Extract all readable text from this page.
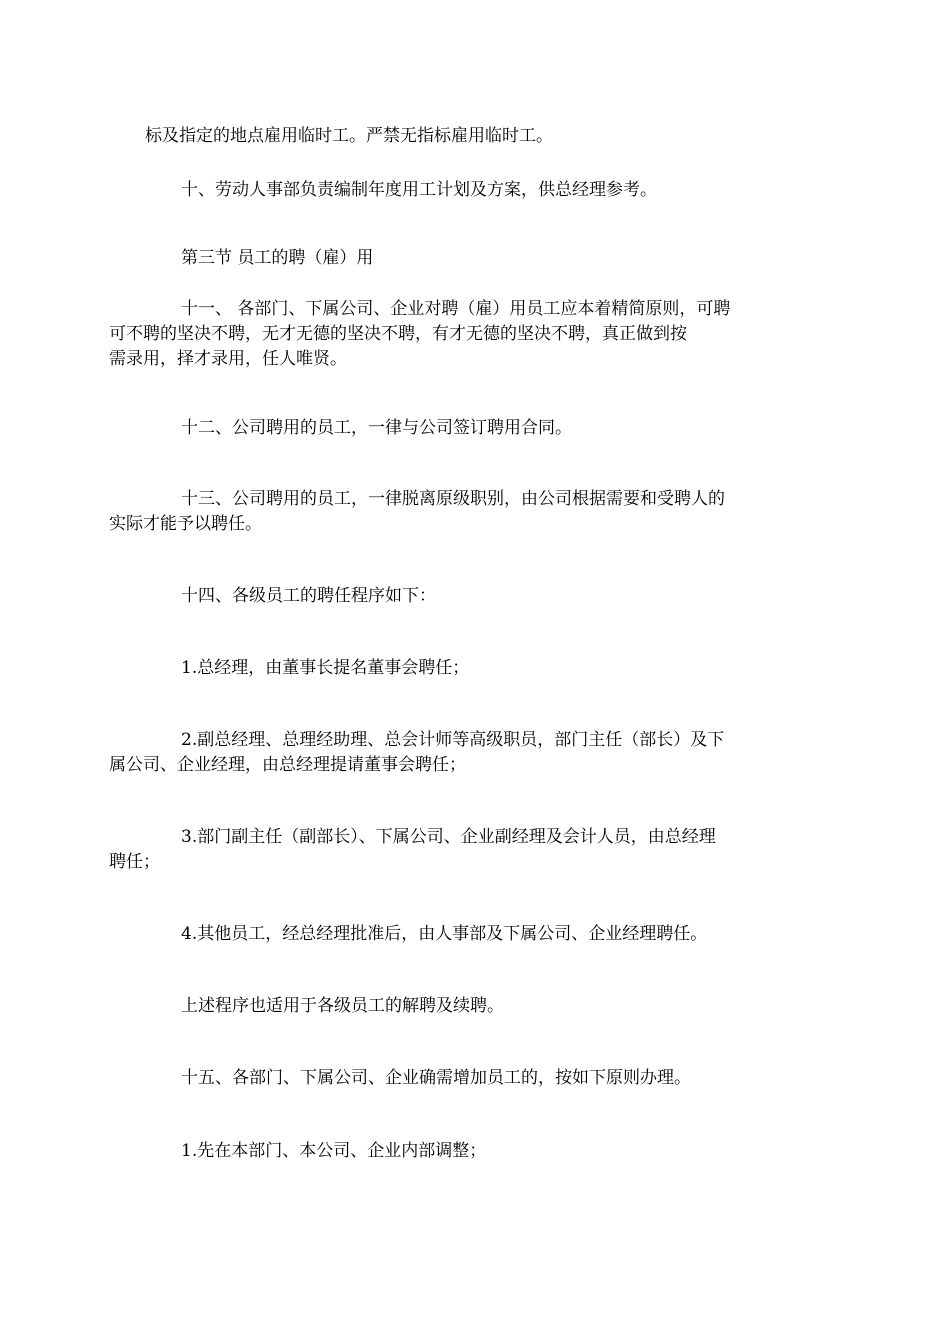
标及指定的地点雇用临时工。严禁无指标雇用临时工。

十、劳动人事部负责编制年度用工计划及方案，供总经理参考。

第三节 员工的聘（雇）用

十一、 各部门、下属公司、企业对聘（雇）用员工应本着精简原则，可聘
可不聘的坚决不聘，无才无德的坚决不聘，有才无德的坚决不聘，真正做到按
需录用，择才录用，任人唯贤。

十二、公司聘用的员工，一律与公司签订聘用合同。

十三、公司聘用的员工，一律脱离原级职别，由公司根据需要和受聘人的
实际才能予以聘任。

十四、各级员工的聘任程序如下：

1.总经理，由董事长提名董事会聘任；

2.副总经理、总理经助理、总会计师等高级职员，部门主任（部长）及下
属公司、企业经理，由总经理提请董事会聘任；

3.部门副主任（副部长）、下属公司、企业副经理及会计人员，由总经理
聘任；

4.其他员工，经总经理批准后，由人事部及下属公司、企业经理聘任。

上述程序也适用于各级员工的解聘及续聘。

十五、各部门、下属公司、企业确需增加员工的，按如下原则办理。

1.先在本部门、本公司、企业内部调整；
